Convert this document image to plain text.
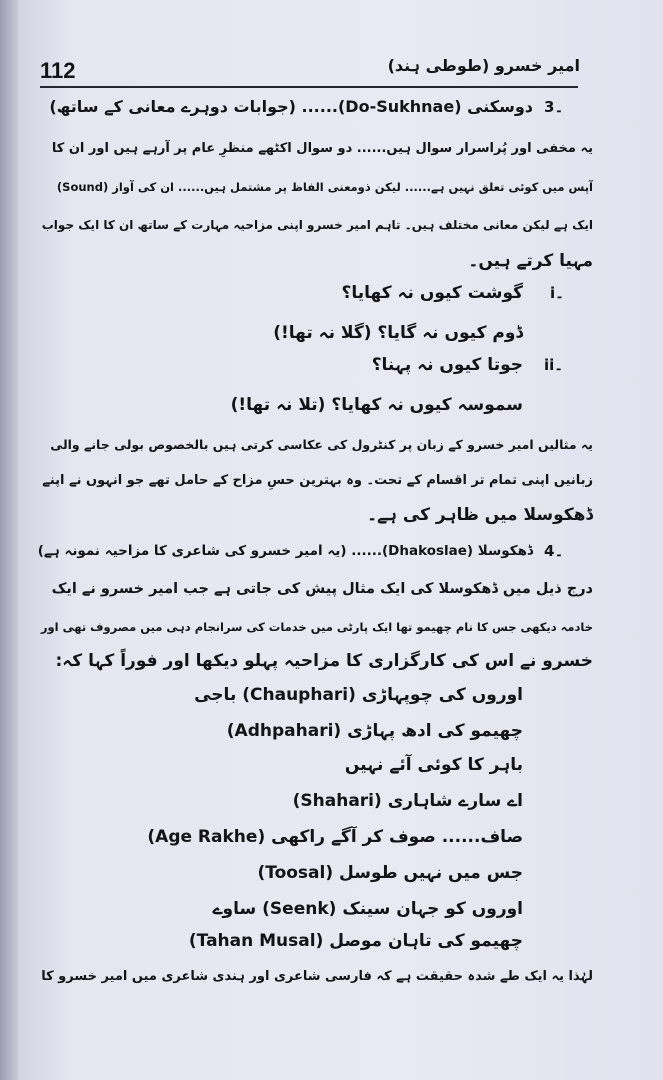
112	امیر خسرو (طوطی ہند)
3۔
دوسکنی (Do-Sukhnae)...... (جوابات دوہرے معانی کے ساتھ)
یہ مخفی اور پُراسرار سوال ہیں...... دو سوال اکٹھے منظرِ عام پر آرہے ہیں اور ان کا
آپس میں کوئی تعلق نہیں ہے...... لیکن ذومعنی الفاظ پر مشتمل ہیں...... ان کی آواز (Sound)
ایک ہے لیکن معانی مختلف ہیں۔ تاہم امیر خسرو اپنی مزاحیہ مہارت کے ساتھ ان کا ایک جواب
مہیا کرتے ہیں۔
i۔
گوشت کیوں نہ کھایا؟
ڈوم کیوں نہ گایا؟ (گلا نہ تھا!)
ii۔
جوتا کیوں نہ پہنا؟
سموسہ کیوں نہ کھایا؟ (تلا نہ تھا!)
یہ مثالیں امیر خسرو کے زبان پر کنٹرول کی عکاسی کرتی ہیں بالخصوص بولی جانے والی
زبانیں اپنی تمام تر اقسام کے تحت۔ وہ بہترین حسِ مزاح کے حامل تھے جو انہوں نے اپنے
ڈھکوسلا میں ظاہر کی ہے۔
4۔
ڈھکوسلا (Dhakoslae)...... (یہ امیر خسرو کی شاعری کا مزاحیہ نمونہ ہے)
درج ذیل میں ڈھکوسلا کی ایک مثال پیش کی جاتی ہے جب امیر خسرو نے ایک
خادمہ دیکھی جس کا نام چھیمو تھا ایک پارٹی میں خدمات کی سرانجام دہی میں مصروف تھی اور
خسرو نے اس کی کارگزاری کا مزاحیہ پہلو دیکھا اور فوراً کہا کہ:
اوروں کی چوپہاڑی (Chauphari) باجی
چھیمو کی ادھ پہاڑی (Adhpahari)
باہر کا کوئی آئے نہیں
اے سارے شاہاری (Shahari)
صاف...... صوف کر آگے راکھی (Age Rakhe)
جس میں نہیں طوسل (Toosal)
اوروں کو جہان سینک (Seenk) ساوے
چھیمو کی تاہان موصل (Tahan Musal)
لہٰذا یہ ایک طے شدہ حقیقت ہے کہ فارسی شاعری اور ہندی شاعری میں امیر خسرو کا
